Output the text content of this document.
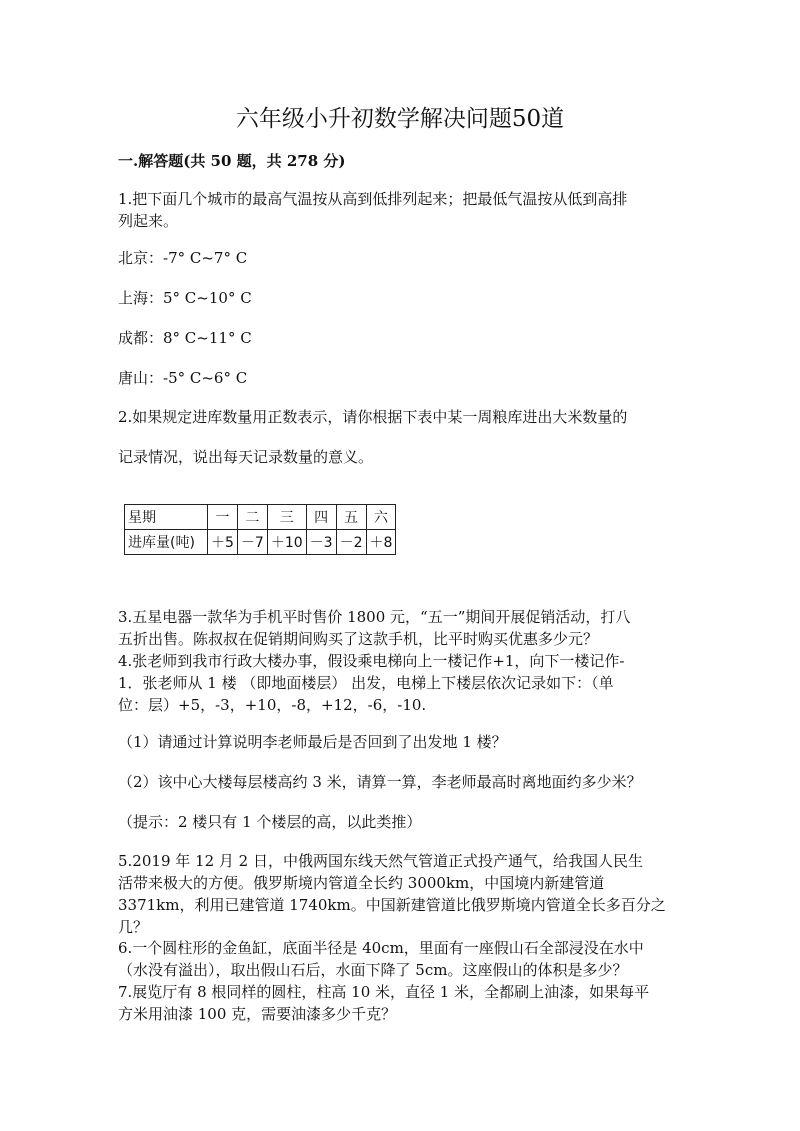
六年级小升初数学解决问题50道

一.解答题(共 50 题，共 278 分)

1.把下面几个城市的最高气温按从高到低排列起来；把最低气温按从低到高排

列起来。

北京：-7° C~7° C

上海：5° C~10° C

成都：8° C~11° C

唐山：-5° C~6° C

2.如果规定进库数量用正数表示，请你根据下表中某一周粮库进出大米数量的

记录情况，说出每天记录数量的意义。

星期	一	二	三	四	五	六
进库量(吨)	＋5	－7	＋10	－3	－2	＋8

3.五星电器一款华为手机平时售价 1800 元，“五一”期间开展促销活动，打八

五折出售。陈叔叔在促销期间购买了这款手机，比平时购买优惠多少元？

4.张老师到我市行政大楼办事，假设乘电梯向上一楼记作+1，向下一楼记作-

1．张老师从 1 楼 （即地面楼层） 出发，电梯上下楼层依次记录如下：（单

位：层）+5，-3，+10，-8，+12，-6，-10.

（1）请通过计算说明李老师最后是否回到了出发地 1 楼？

（2）该中心大楼每层楼高约 3 米，请算一算，李老师最高时离地面约多少米？

（提示：2 楼只有 1 个楼层的高，以此类推）

5.2019 年 12 月 2 日，中俄两国东线天然气管道正式投产通气，给我国人民生

活带来极大的方便。俄罗斯境内管道全长约 3000km，中国境内新建管道

3371km，利用已建管道 1740km。中国新建管道比俄罗斯境内管道全长多百分之

几？

6.一个圆柱形的金鱼缸，底面半径是 40cm，里面有一座假山石全部浸没在水中

（水没有溢出），取出假山石后，水面下降了 5cm。这座假山的体积是多少？

7.展览厅有 8 根同样的圆柱，柱高 10 米，直径 1 米，全都刷上油漆，如果每平

方米用油漆 100 克，需要油漆多少千克？
